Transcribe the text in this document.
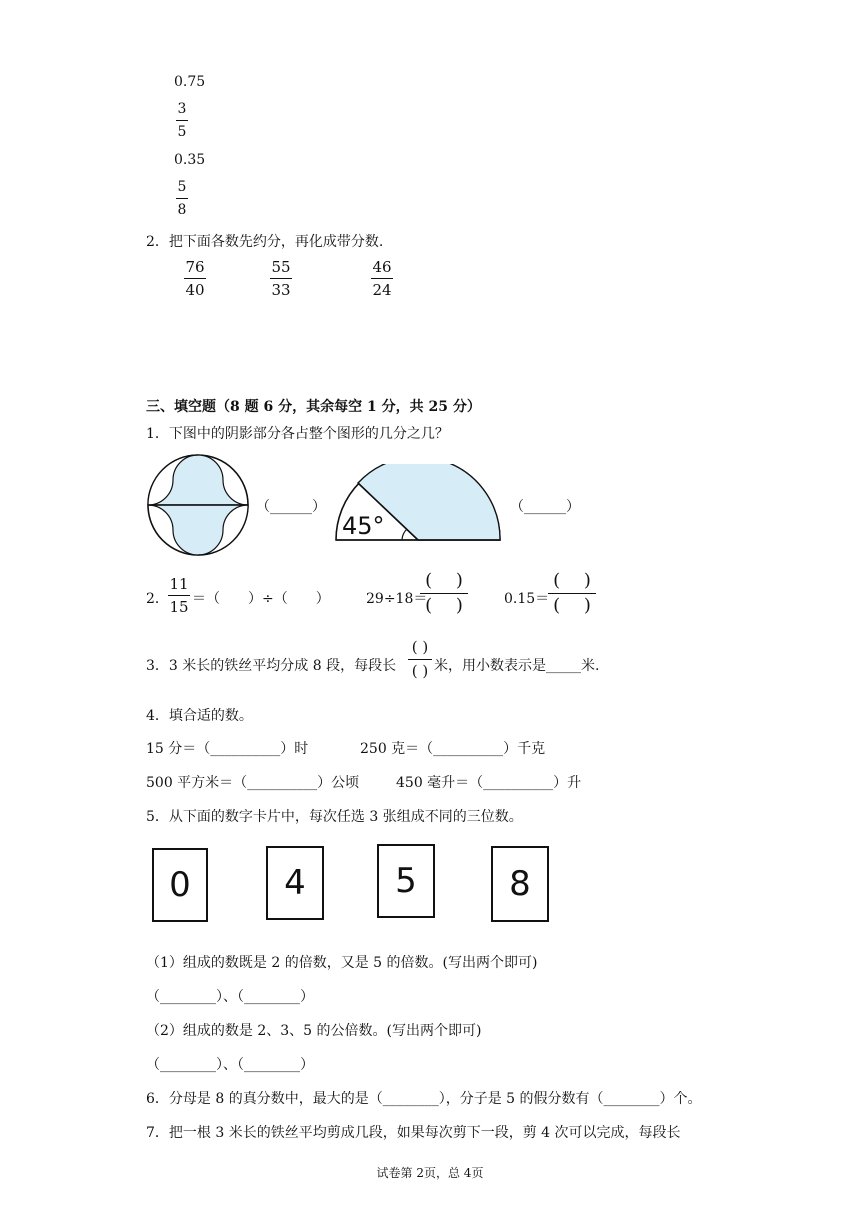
0.75
3
5
0.35
5
8
2．把下面各数先约分，再化成带分数.
76
40
55
33
46
24
三、填空题（8 题 6 分，其余每空 1 分，共 25 分）
1．下图中的阴影部分各占整个图形的几分之几？
（______）
45°
（______）
2．
11
15 ＝（　　）÷（　　）	29÷18＝
(　 )
(　 )	0.15＝
(　 )
(　 )
3．3 米长的铁丝平均分成 8 段，每段长
( )
( ) 米，用小数表示是_____米.
4．填合适的数。
15 分＝（__________）时	250 克＝（__________）千克
500 平方米＝（__________）公顷	450 毫升＝（__________）升
5．从下面的数字卡片中，每次任选 3 张组成不同的三位数。
0	4	5	8
（1）组成的数既是 2 的倍数，又是 5 的倍数。(写出两个即可)
（________）、（________）
（2）组成的数是 2、3、5 的公倍数。(写出两个即可)
（________）、（________）
6．分母是 8 的真分数中，最大的是（________），分子是 5 的假分数有（________）个。
7．把一根 3 米长的铁丝平均剪成几段，如果每次剪下一段，剪 4 次可以完成，每段长
试卷第 2页，总 4页
